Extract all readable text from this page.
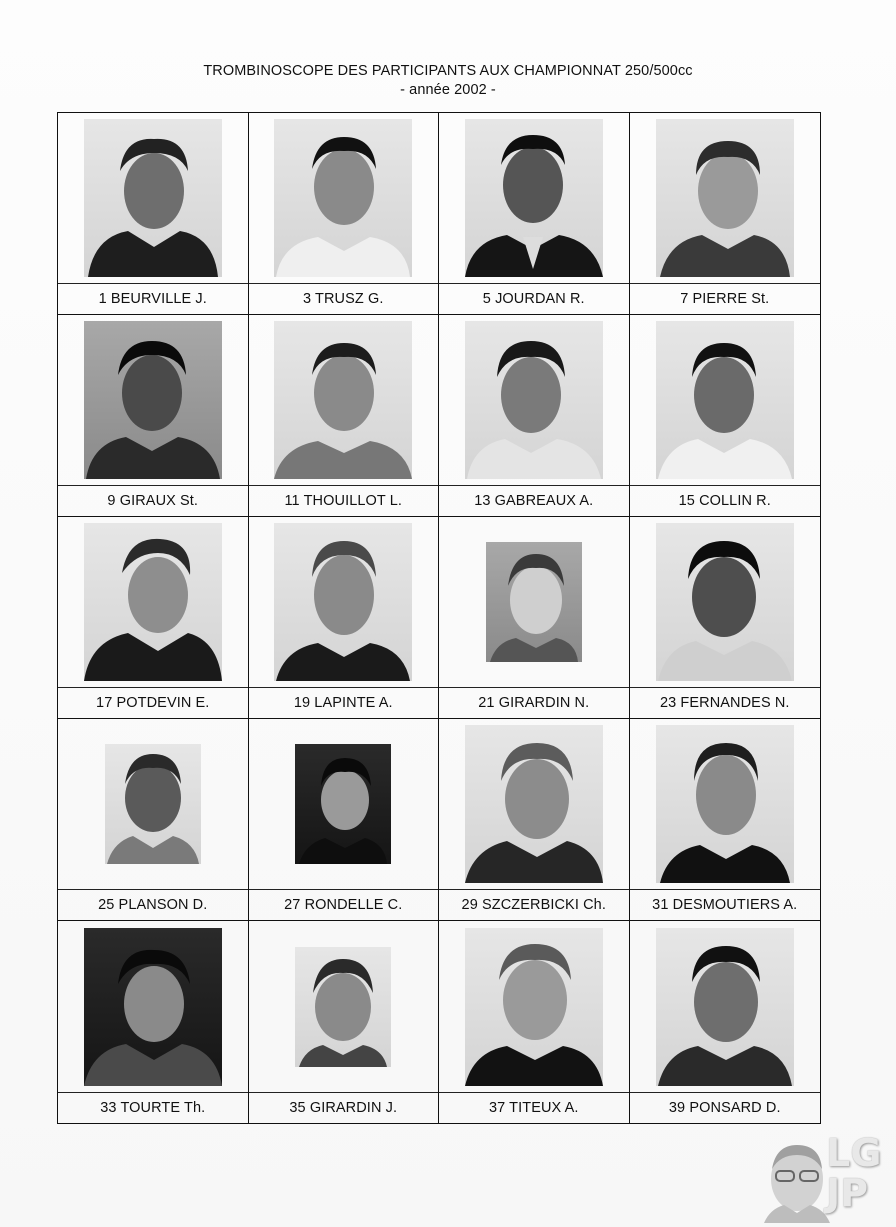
TROMBINOSCOPE DES PARTICIPANTS AUX CHAMPIONNAT 250/500cc
- année 2002 -
1 BEURVILLE J.	3 TRUSZ G.	5 JOURDAN R.	7 PIERRE St.
9 GIRAUX St.	11 THOUILLOT L.	13 GABREAUX A.	15 COLLIN R.
17 POTDEVIN E.	19 LAPINTE A.	21 GIRARDIN N.	23 FERNANDES N.
25 PLANSON D.	27 RONDELLE C.	29 SZCZERBICKI Ch.	31 DESMOUTIERS A.
33 TOURTE Th.	35 GIRARDIN J.	37 TITEUX A.	39 PONSARD D.
LG
JP
